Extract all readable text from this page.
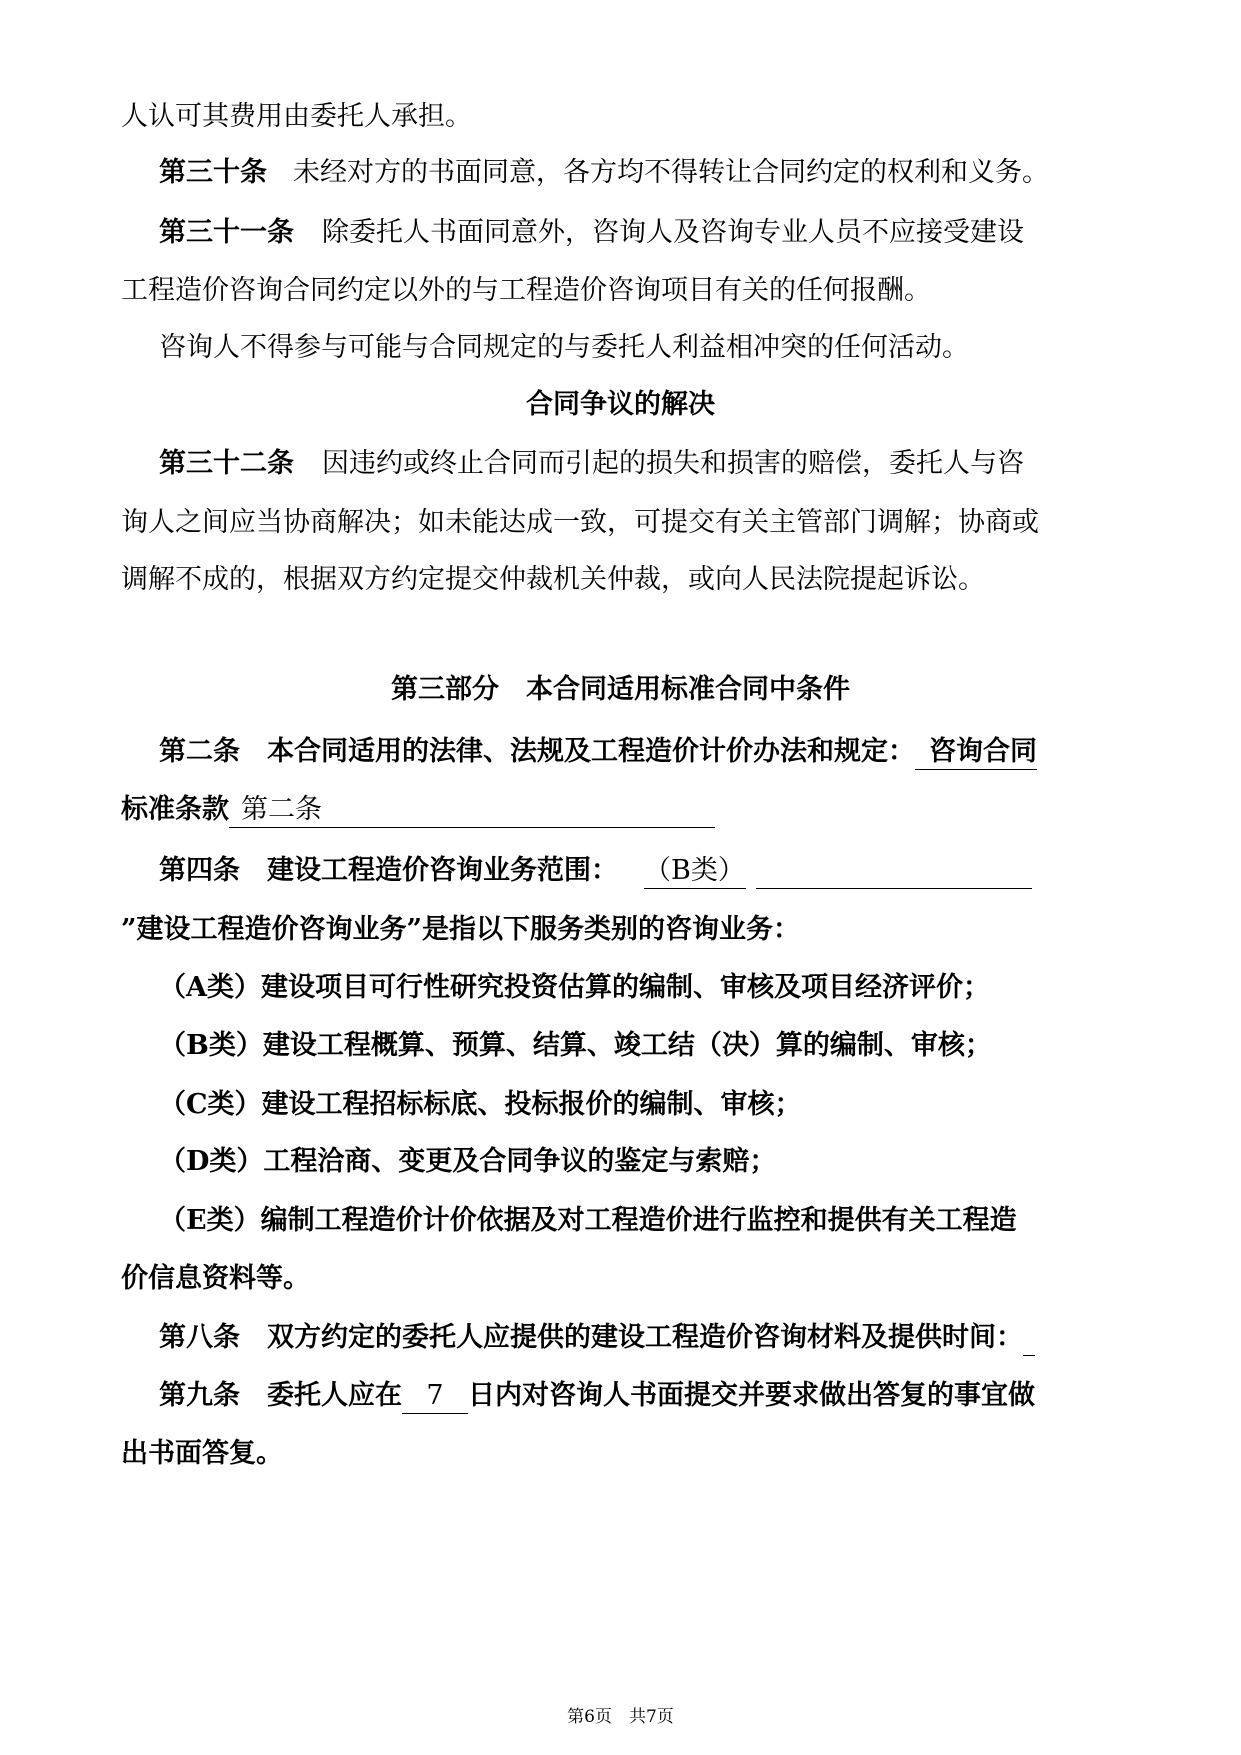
人认可其费用由委托人承担。
第三十条 未经对方的书面同意，各方均不得转让合同约定的权利和义务。
第三十一条 除委托人书面同意外，咨询人及咨询专业人员不应接受建设
工程造价咨询合同约定以外的与工程造价咨询项目有关的任何报酬。
咨询人不得参与可能与合同规定的与委托人利益相冲突的任何活动。
合同争议的解决
第三十二条 因违约或终止合同而引起的损失和损害的赔偿，委托人与咨
询人之间应当协商解决；如未能达成一致，可提交有关主管部门调解；协商或
调解不成的，根据双方约定提交仲裁机关仲裁，或向人民法院提起诉讼。
第三部分　本合同适用标准合同中条件
第二条　本合同适用的法律、法规及工程造价计价办法和规定： 咨询合同
标准条款 第二条
第四条　建设工程造价咨询业务范围： （B类）
”建设工程造价咨询业务”是指以下服务类别的咨询业务：
（A类）建设项目可行性研究投资估算的编制、审核及项目经济评价；
（B类）建设工程概算、预算、结算、竣工结（决）算的编制、审核；
（C类）建设工程招标标底、投标报价的编制、审核；
（D类）工程洽商、变更及合同争议的鉴定与索赔；
（E类）编制工程造价计价依据及对工程造价进行监控和提供有关工程造
价信息资料等。
第八条　双方约定的委托人应提供的建设工程造价咨询材料及提供时间：
第九条　委托人应在 7 日内对咨询人书面提交并要求做出答复的事宜做
出书面答复。
第6页　共7页
